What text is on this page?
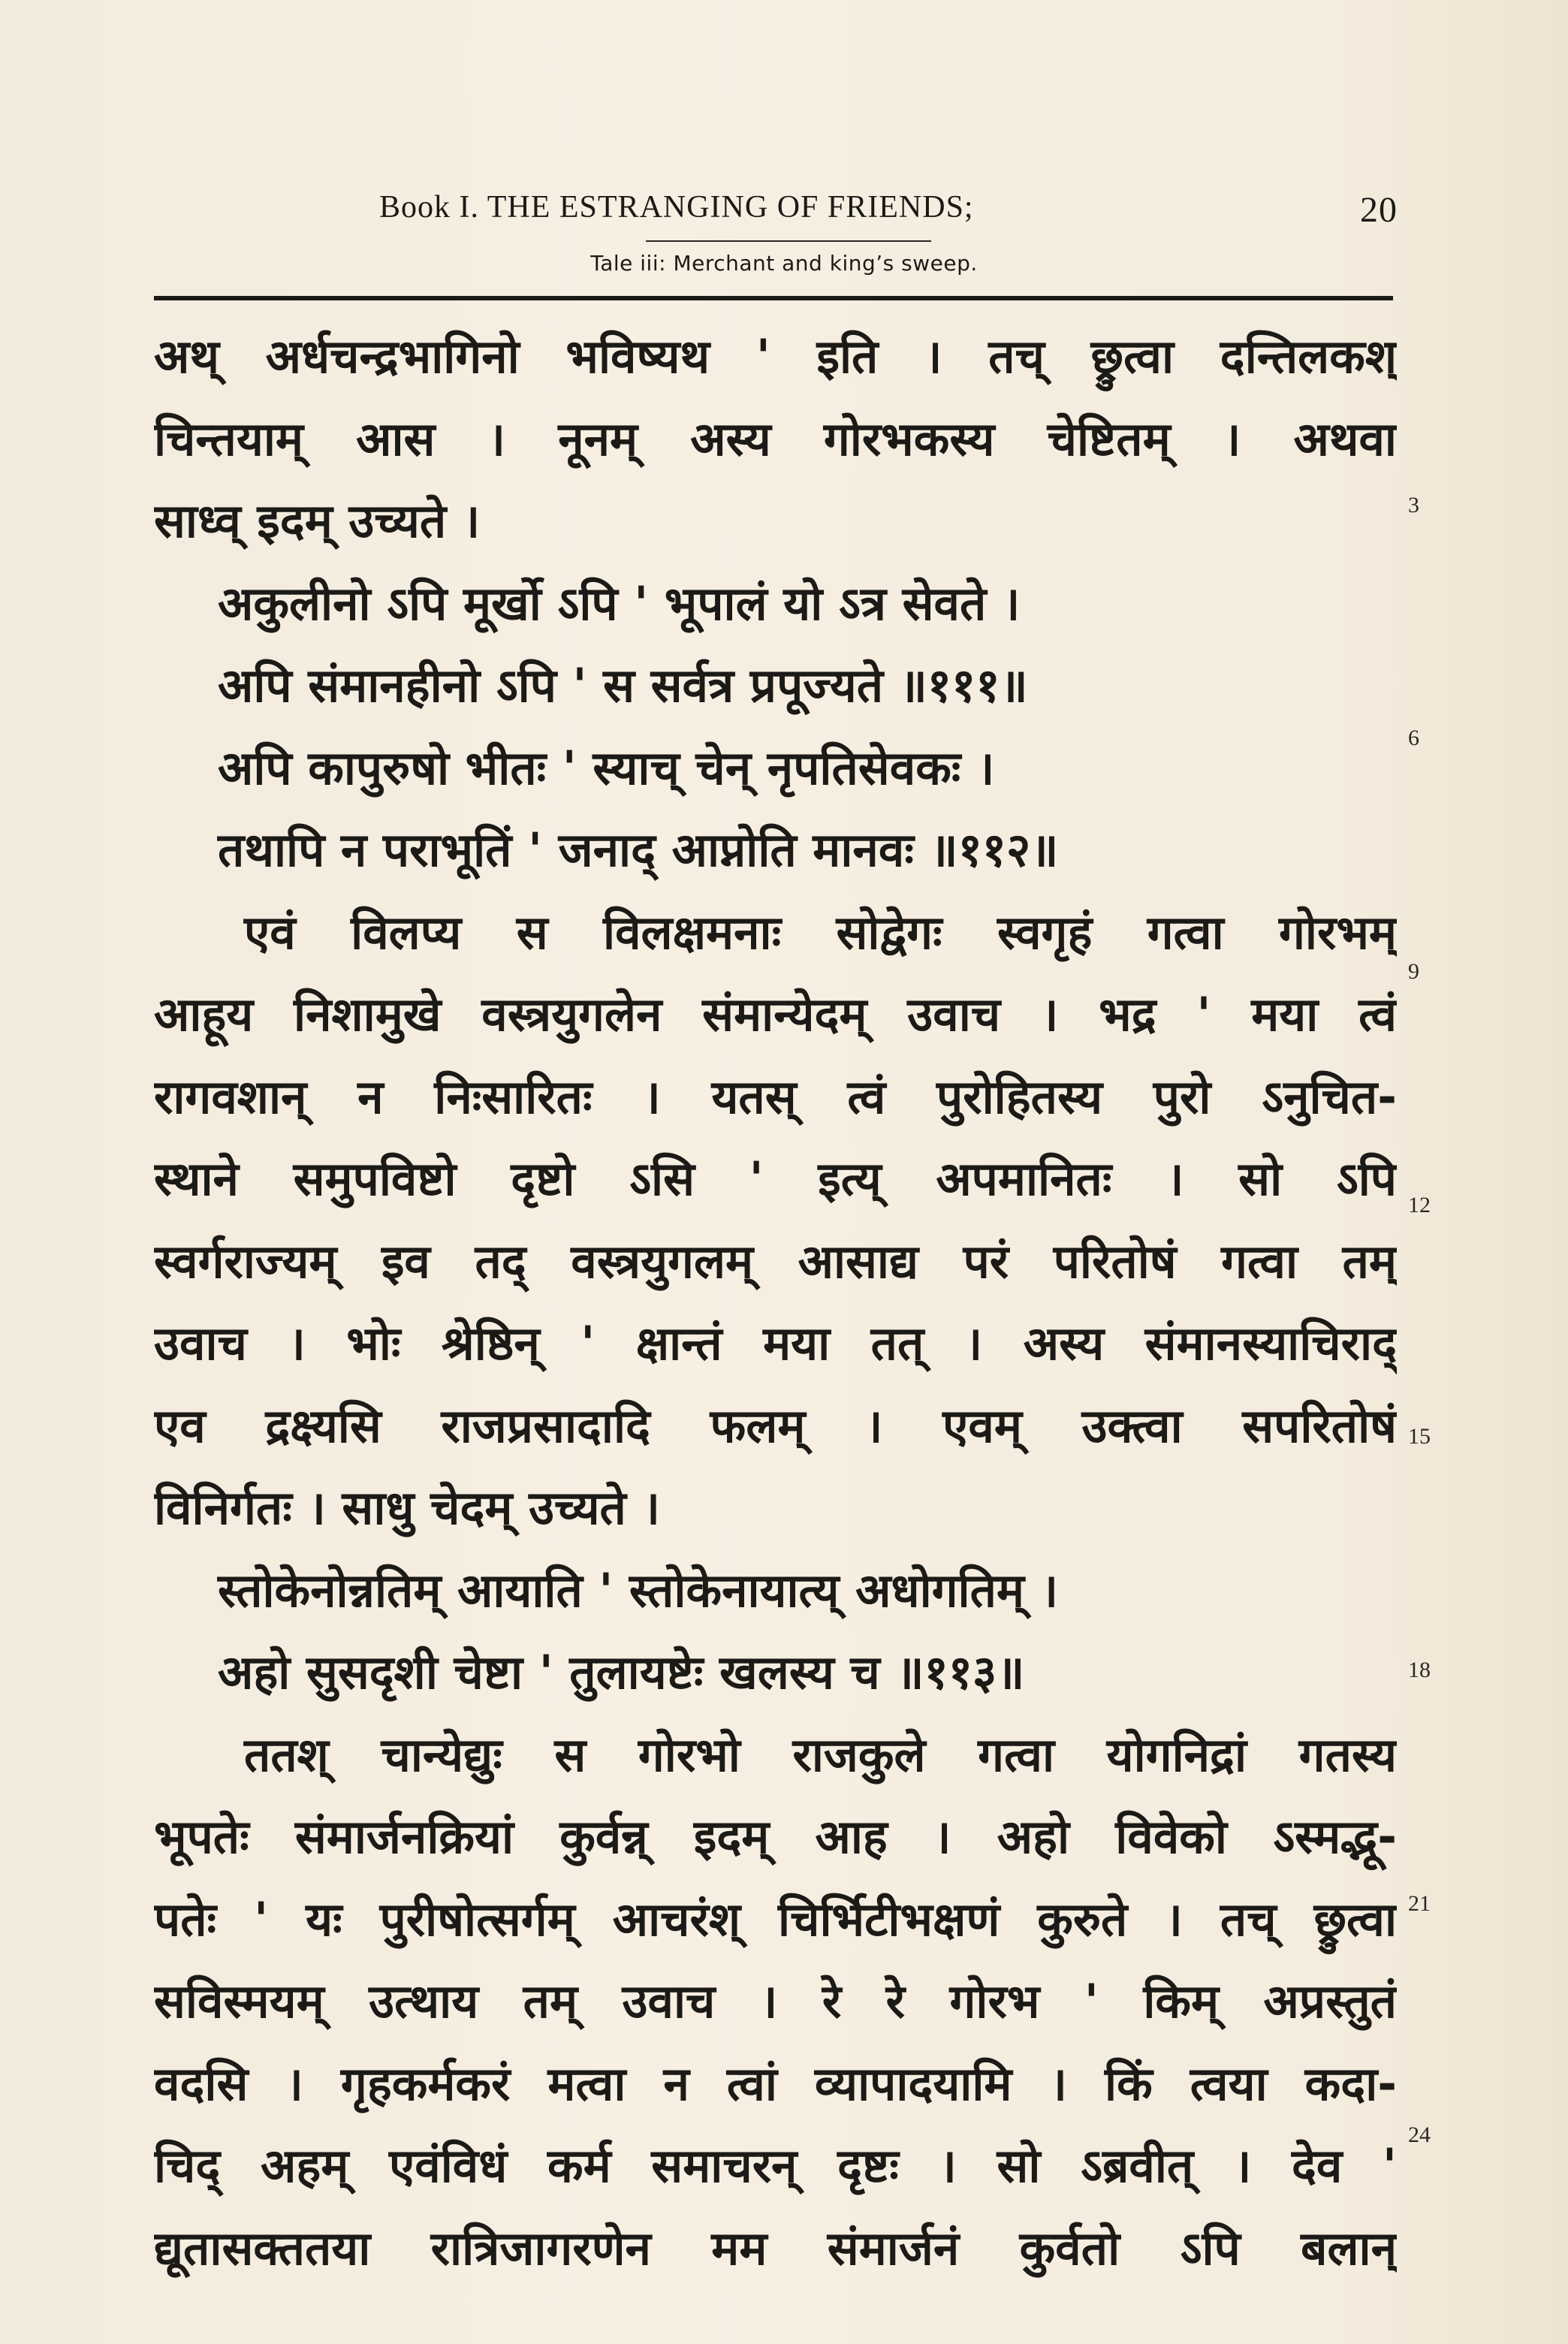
Book I. THE ESTRANGING OF FRIENDS;	20
Tale iii: Merchant and king’s sweep.
अथ् अर्धचन्द्रभागिनो भविष्यथ ' इति । तच् छ्रुत्वा दन्तिलकश्
चिन्तयाम् आस । नूनम् अस्य गोरभकस्य चेष्टितम् । अथवा
साध्व् इदम् उच्यते ।
अकुलीनो ऽपि मूर्खो ऽपि ' भूपालं यो ऽत्र सेवते ।
अपि संमानहीनो ऽपि ' स सर्वत्र प्रपूज्यते ॥१११॥
अपि कापुरुषो भीतः ' स्याच् चेन् नृपतिसेवकः ।
तथापि न पराभूतिं ' जनाद् आप्नोति मानवः ॥११२॥
एवं विलप्य स विलक्षमनाः सोद्वेगः स्वगृहं गत्वा गोरभम्
आहूय निशामुखे वस्त्रयुगलेन संमान्येदम् उवाच । भद्र ' मया त्वं
रागवशान् न निःसारितः । यतस् त्वं पुरोहितस्य पुरो ऽनुचित-
स्थाने समुपविष्टो दृष्टो ऽसि ' इत्य् अपमानितः । सो ऽपि
स्वर्गराज्यम् इव तद् वस्त्रयुगलम् आसाद्य परं परितोषं गत्वा तम्
उवाच । भोः श्रेष्ठिन् ' क्षान्तं मया तत् । अस्य संमानस्याचिराद्
एव द्रक्ष्यसि राजप्रसादादि फलम् । एवम् उक्त्वा सपरितोषं
विनिर्गतः । साधु चेदम् उच्यते ।
स्तोकेनोन्नतिम् आयाति ' स्तोकेनायात्य् अधोगतिम् ।
अहो सुसदृशी चेष्टा ' तुलायष्टेः खलस्य च ॥११३॥
ततश् चान्येद्युः स गोरभो राजकुले गत्वा योगनिद्रां गतस्य
भूपतेः संमार्जनक्रियां कुर्वन्न् इदम् आह । अहो विवेको ऽस्मद्भू-
पतेः ' यः पुरीषोत्सर्गम् आचरंश् चिर्भिटीभक्षणं कुरुते । तच् छ्रुत्वा
सविस्मयम् उत्थाय तम् उवाच । रे रे गोरभ ' किम् अप्रस्तुतं
वदसि । गृहकर्मकरं मत्वा न त्वां व्यापादयामि । किं त्वया कदा-
चिद् अहम् एवंविधं कर्म समाचरन् दृष्टः । सो ऽब्रवीत् । देव '
द्यूतासक्ततया रात्रिजागरणेन मम संमार्जनं कुर्वतो ऽपि बलान्
3
6
9
12
15
18
21
24
